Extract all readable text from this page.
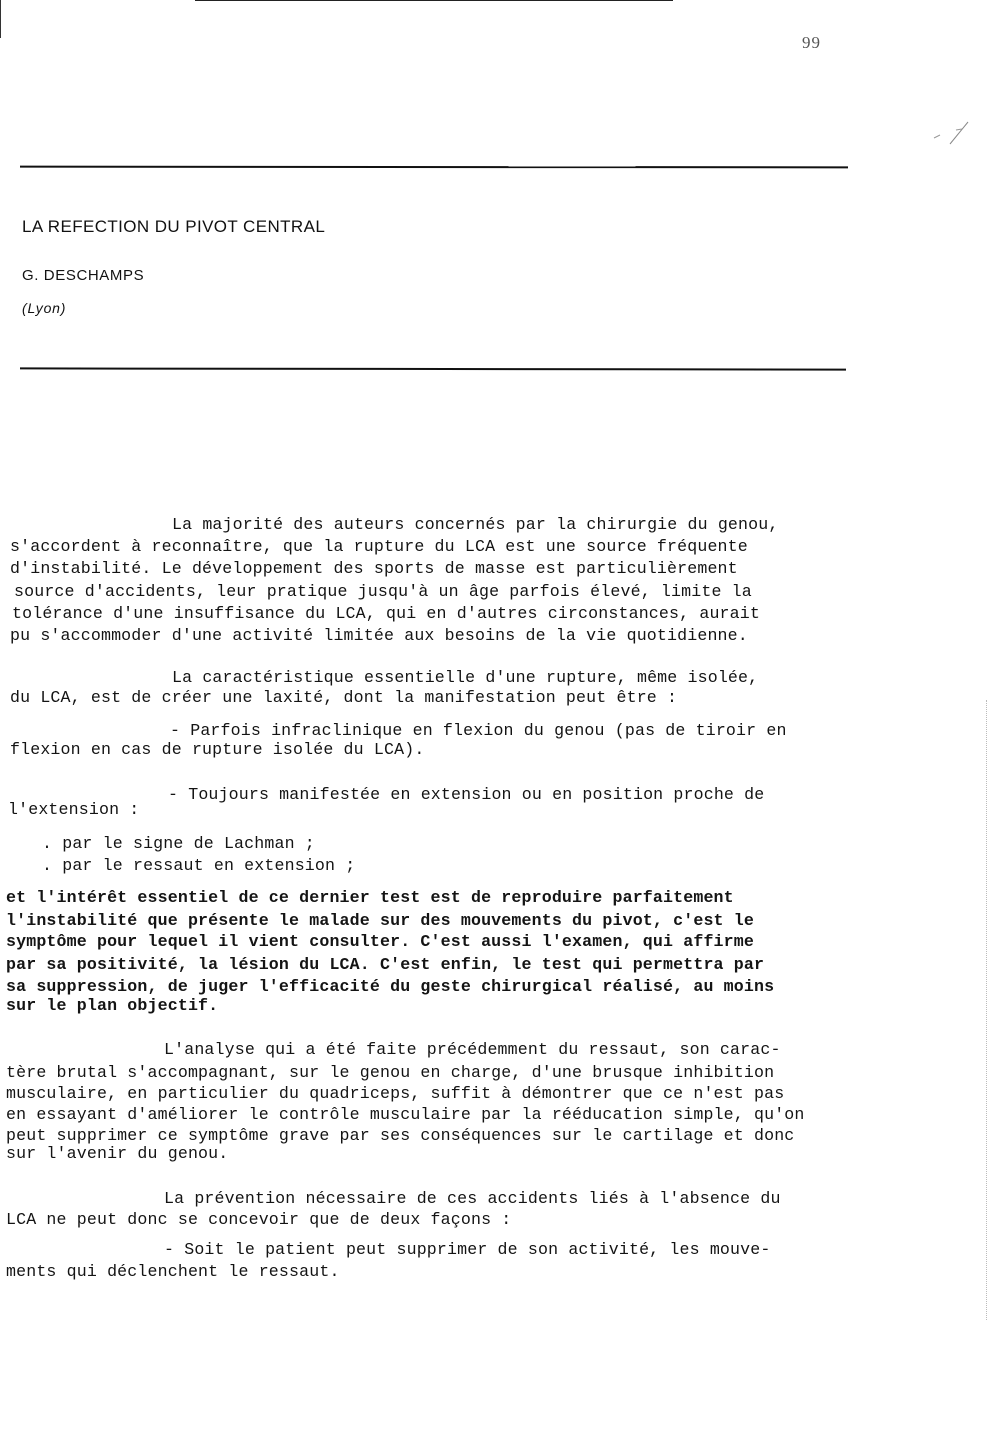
99
LA REFECTION DU PIVOT CENTRAL

G. DESCHAMPS

(Lyon)

La majorité des auteurs concernés par la chirurgie du genou,
s'accordent à reconnaître, que la rupture du LCA est une source fréquente
d'instabilité. Le développement des sports de masse est particulièrement
source d'accidents, leur pratique jusqu'à un âge parfois élevé, limite la
tolérance d'une insuffisance du LCA, qui en d'autres circonstances, aurait
pu s'accommoder d'une activité limitée aux besoins de la vie quotidienne.
La caractéristique essentielle d'une rupture, même isolée,
du LCA, est de créer une laxité, dont la manifestation peut être :
- Parfois infraclinique en flexion du genou (pas de tiroir en
flexion en cas de rupture isolée du LCA).
- Toujours manifestée en extension ou en position proche de
l'extension :
. par le signe de Lachman ;
. par le ressaut en extension ;
et l'intérêt essentiel de ce dernier test est de reproduire parfaitement
l'instabilité que présente le malade sur des mouvements du pivot, c'est le
symptôme pour lequel il vient consulter. C'est aussi l'examen, qui affirme
par sa positivité, la lésion du LCA. C'est enfin, le test qui permettra par
sa suppression, de juger l'efficacité du geste chirurgical réalisé, au moins
sur le plan objectif.
L'analyse qui a été faite précédemment du ressaut, son carac-
tère brutal s'accompagnant, sur le genou en charge, d'une brusque inhibition
musculaire, en particulier du quadriceps, suffit à démontrer que ce n'est pas
en essayant d'améliorer le contrôle musculaire par la rééducation simple, qu'on
peut supprimer ce symptôme grave par ses conséquences sur le cartilage et donc
sur l'avenir du genou.
La prévention nécessaire de ces accidents liés à l'absence du
LCA ne peut donc se concevoir que de deux façons :
- Soit le patient peut supprimer de son activité, les mouve-
ments qui déclenchent le ressaut.
